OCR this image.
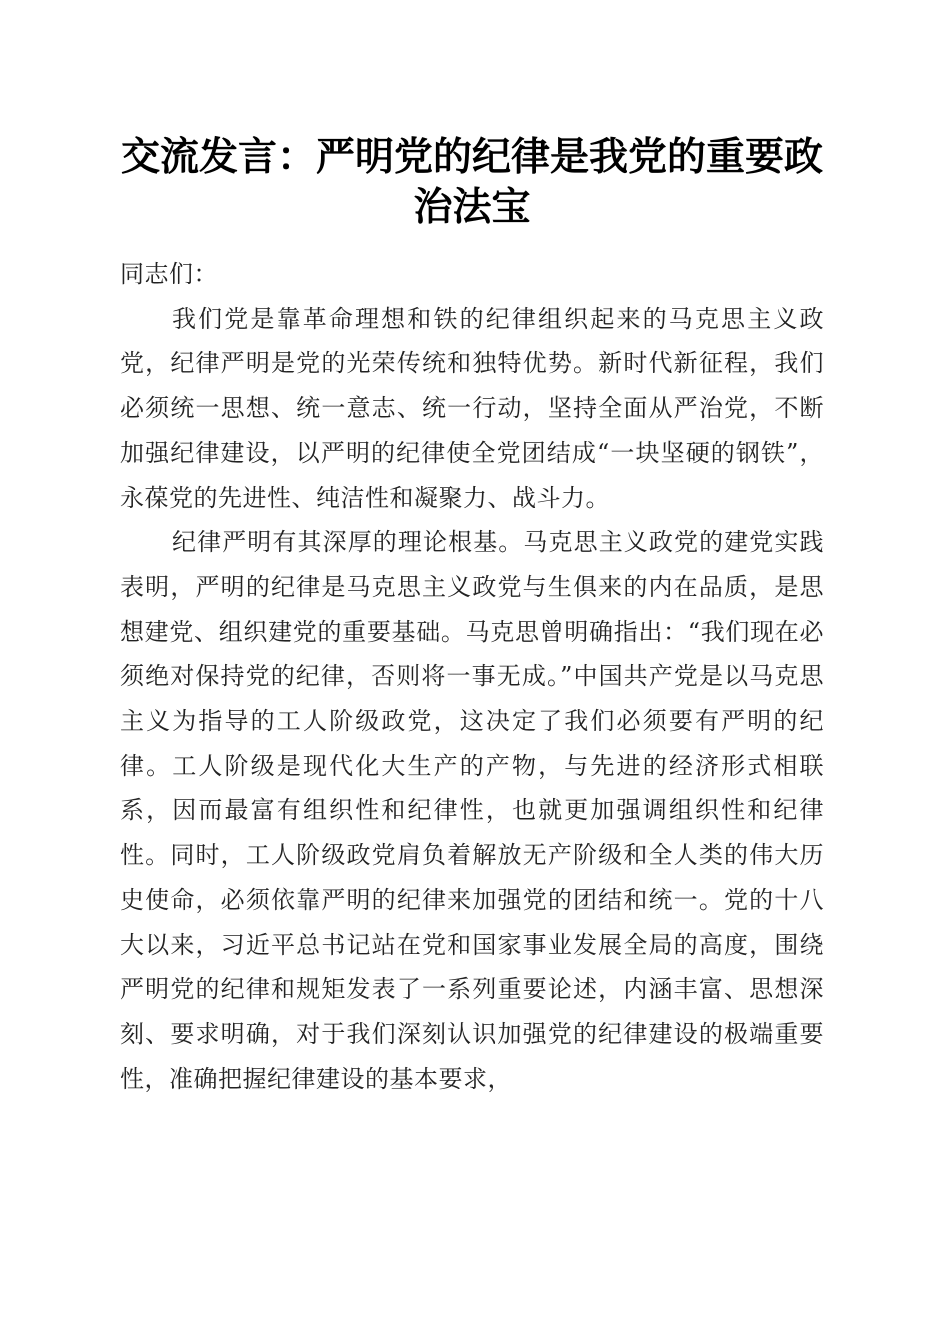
交流发言：严明党的纪律是我党的重要政治法宝

同志们：

我们党是靠革命理想和铁的纪律组织起来的马克思主义政党，纪律严明是党的光荣传统和独特优势。新时代新征程，我们必须统一思想、统一意志、统一行动，坚持全面从严治党，不断加强纪律建设，以严明的纪律使全党团结成“一块坚硬的钢铁”，永葆党的先进性、纯洁性和凝聚力、战斗力。

纪律严明有其深厚的理论根基。马克思主义政党的建党实践表明，严明的纪律是马克思主义政党与生俱来的内在品质，是思想建党、组织建党的重要基础。马克思曾明确指出：“我们现在必须绝对保持党的纪律，否则将一事无成。”中国共产党是以马克思主义为指导的工人阶级政党，这决定了我们必须要有严明的纪律。工人阶级是现代化大生产的产物，与先进的经济形式相联系，因而最富有组织性和纪律性，也就更加强调组织性和纪律性。同时，工人阶级政党肩负着解放无产阶级和全人类的伟大历史使命，必须依靠严明的纪律来加强党的团结和统一。党的十八大以来，习近平总书记站在党和国家事业发展全局的高度，围绕严明党的纪律和规矩发表了一系列重要论述，内涵丰富、思想深刻、要求明确，对于我们深刻认识加强党的纪律建设的极端重要性，准确把握纪律建设的基本要求，
